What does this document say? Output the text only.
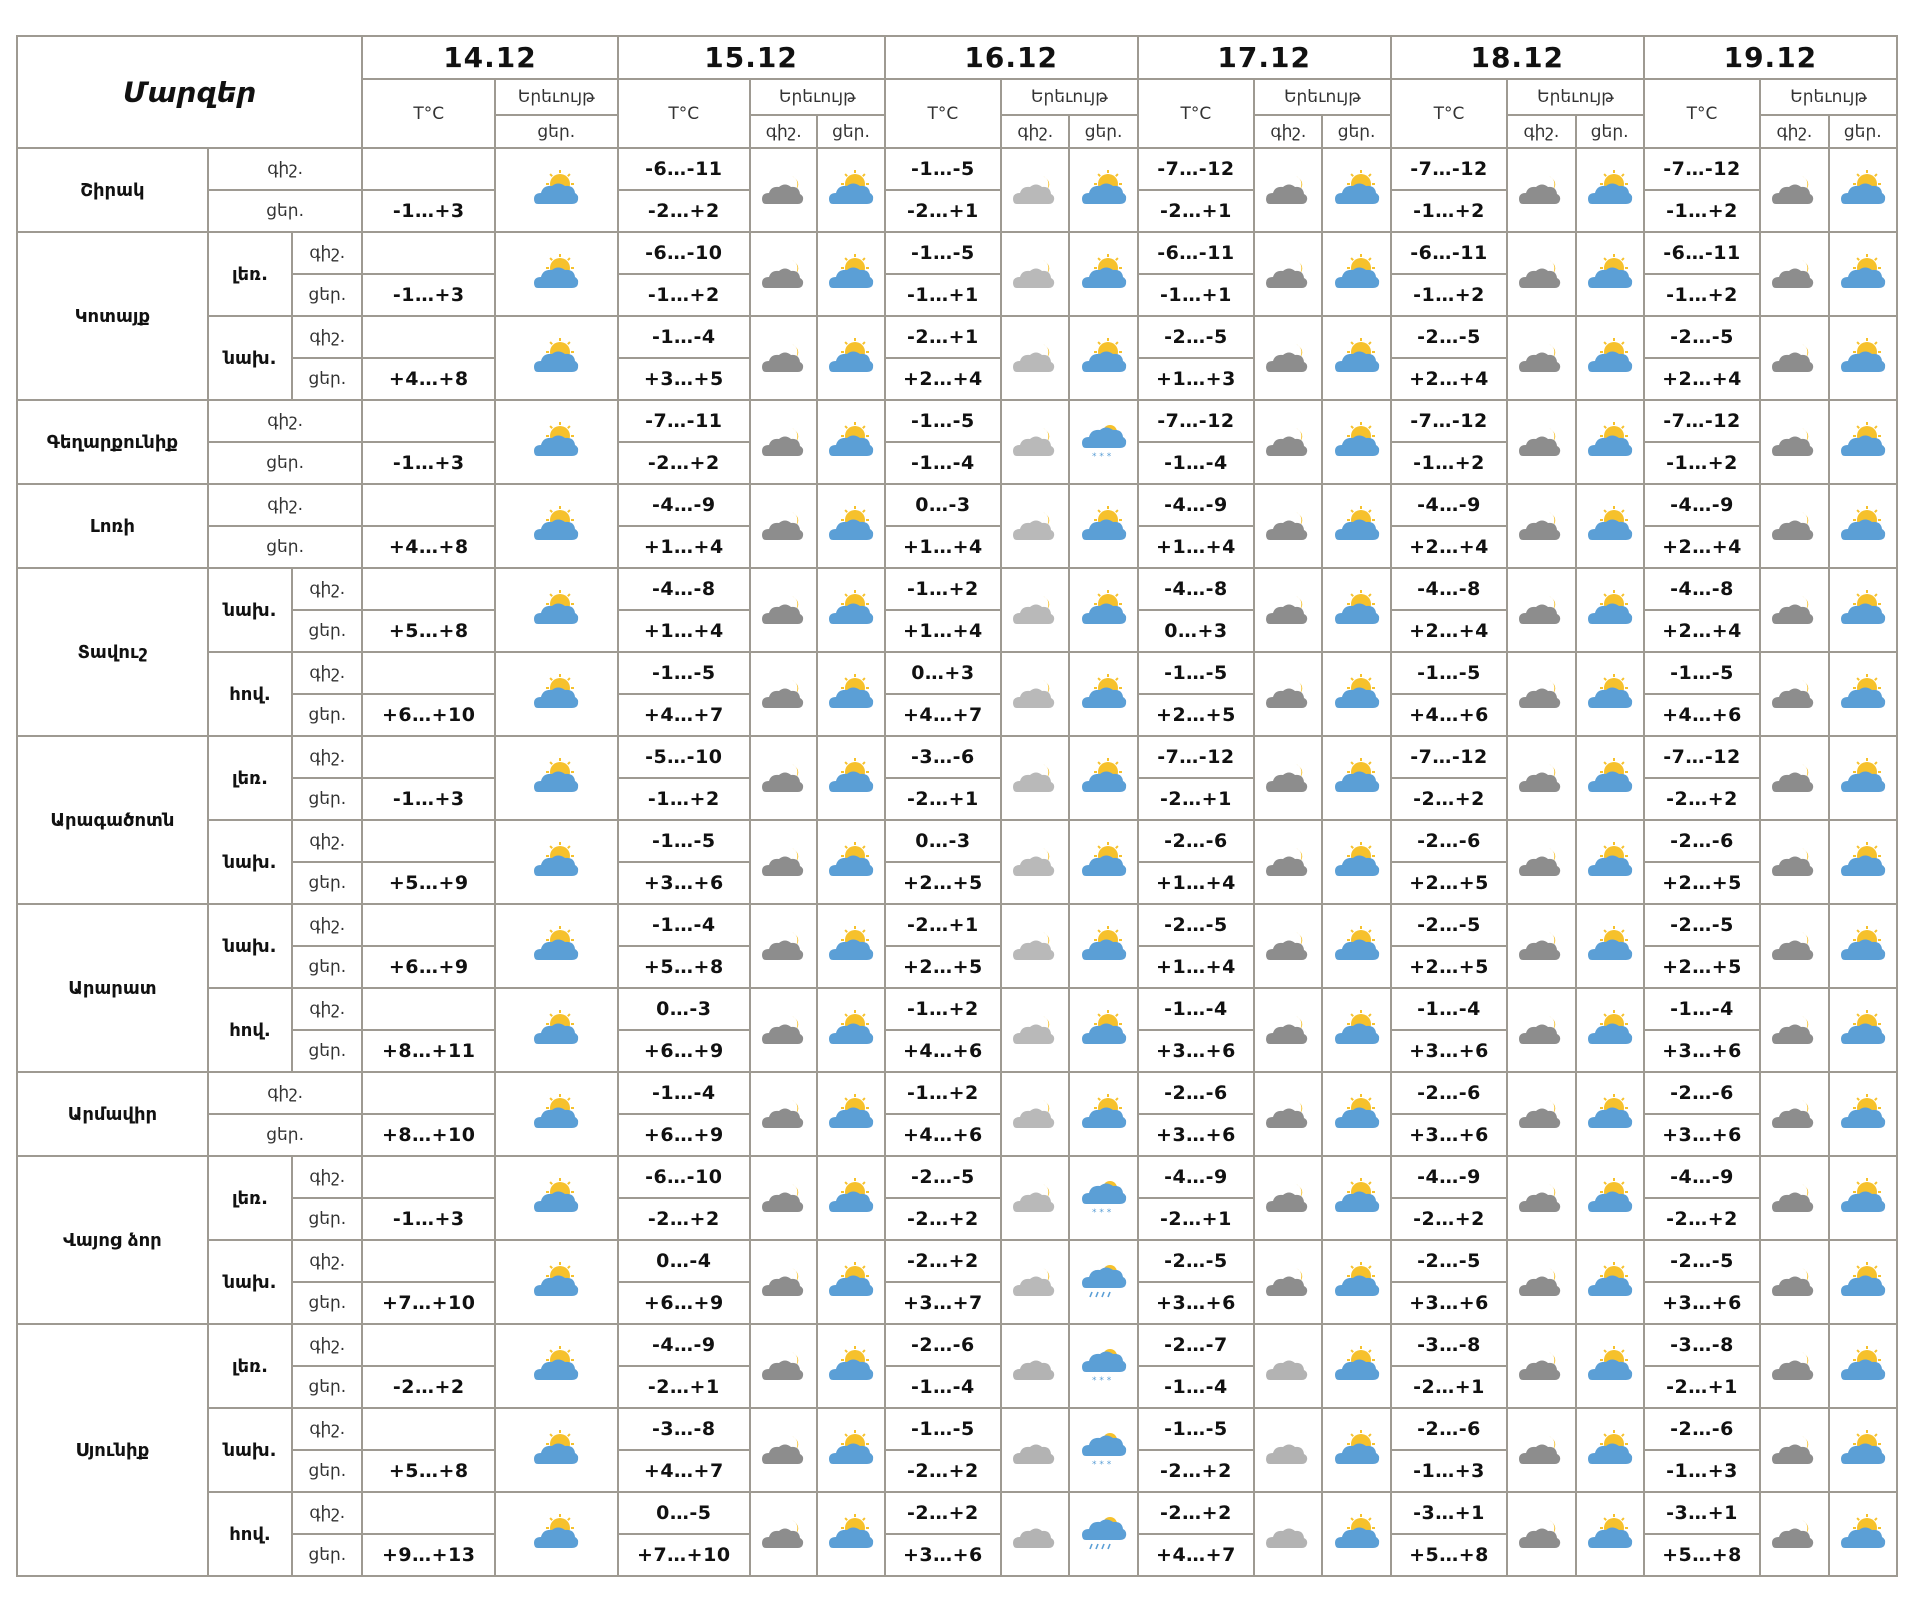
Մարզեր			14.12		15.12			16.12			17.12			18.12			19.12		
			T°C	Երեւույթ	T°C	Երեւույթ		T°C	Երեւույթ		T°C	Երեւույթ		T°C	Երեւույթ		T°C	Երեւույթ	
				ցեր.		գիշ.	ցեր.		գիշ.	ցեր.		գիշ.	ցեր.		գիշ.	ցեր.		գիշ.	ցեր.
Շիրակ	գիշ.				-6…-11			-1…-5			-7…-12			-7…-12			-7…-12	

	ցեր.		-1…+3		-2…+2			-2…+1			-2…+1			-1…+2			-1…+2		
Կոտայք	լեռ.	գիշ.			-6…-10			-1…-5			-6…-11			-6…-11			-6…-11	

		ցեր.	-1…+3		-1…+2			-1…+1			-1…+1			-1…+2			-1…+2		
	նախ.	գիշ.			-1…-4			-2…+1			-2…-5			-2…-5			-2…-5	

		ցեր.	+4…+8		+3…+5			+2…+4			+1…+3			+2…+4			+2…+4		
Գեղարքունիք	գիշ.				-7…-11			-1…-5		* * *	-7…-12			-7…-12			-7…-12	

	ցեր.		-1…+3		-2…+2			-1…-4			-1…-4			-1…+2			-1…+2		
Լոռի	գիշ.				-4…-9			0…-3			-4…-9			-4…-9			-4…-9	

	ցեր.		+4…+8		+1…+4			+1…+4			+1…+4			+2…+4			+2…+4		
Տավուշ	նախ.	գիշ.			-4…-8			-1…+2			-4…-8			-4…-8			-4…-8	

		ցեր.	+5…+8		+1…+4			+1…+4			0…+3			+2…+4			+2…+4		
	հով.	գիշ.			-1…-5			0…+3			-1…-5			-1…-5			-1…-5	

		ցեր.	+6…+10		+4…+7			+4…+7			+2…+5			+4…+6			+4…+6		
Արագածոտն	լեռ.	գիշ.			-5…-10			-3…-6			-7…-12			-7…-12			-7…-12	

		ցեր.	-1…+3		-1…+2			-2…+1			-2…+1			-2…+2			-2…+2		
	նախ.	գիշ.			-1…-5			0…-3			-2…-6			-2…-6			-2…-6	

		ցեր.	+5…+9		+3…+6			+2…+5			+1…+4			+2…+5			+2…+5		
Արարատ	նախ.	գիշ.			-1…-4			-2…+1			-2…-5			-2…-5			-2…-5	

		ցեր.	+6…+9		+5…+8			+2…+5			+1…+4			+2…+5			+2…+5		
	հով.	գիշ.			0…-3			-1…+2			-1…-4			-1…-4			-1…-4	

		ցեր.	+8…+11		+6…+9			+4…+6			+3…+6			+3…+6			+3…+6		
Արմավիր	գիշ.				-1…-4			-1…+2			-2…-6			-2…-6			-2…-6	

	ցեր.		+8…+10		+6…+9			+4…+6			+3…+6			+3…+6			+3…+6		
Վայոց ձոր	լեռ.	գիշ.			-6…-10			-2…-5		* * *	-4…-9			-4…-9			-4…-9	

		ցեր.	-1…+3		-2…+2			-2…+2			-2…+1			-2…+2			-2…+2		
	նախ.	գիշ.			0…-4			-2…+2			-2…-5			-2…-5			-2…-5	

		ցեր.	+7…+10		+6…+9			+3…+7			+3…+6			+3…+6			+3…+6		
Սյունիք	լեռ.	գիշ.			-4…-9			-2…-6		* * *	-2…-7			-3…-8			-3…-8	

		ցեր.	-2…+2		-2…+1			-1…-4			-1…-4			-2…+1			-2…+1		
	նախ.	գիշ.			-3…-8			-1…-5		* * *	-1…-5			-2…-6			-2…-6	

		ցեր.	+5…+8		+4…+7			-2…+2			-2…+2			-1…+3			-1…+3		
	հով.	գիշ.			0…-5			-2…+2			-2…+2			-3…+1			-3…+1	

		ցեր.	+9…+13		+7…+10			+3…+6			+4…+7			+5…+8			+5…+8		
